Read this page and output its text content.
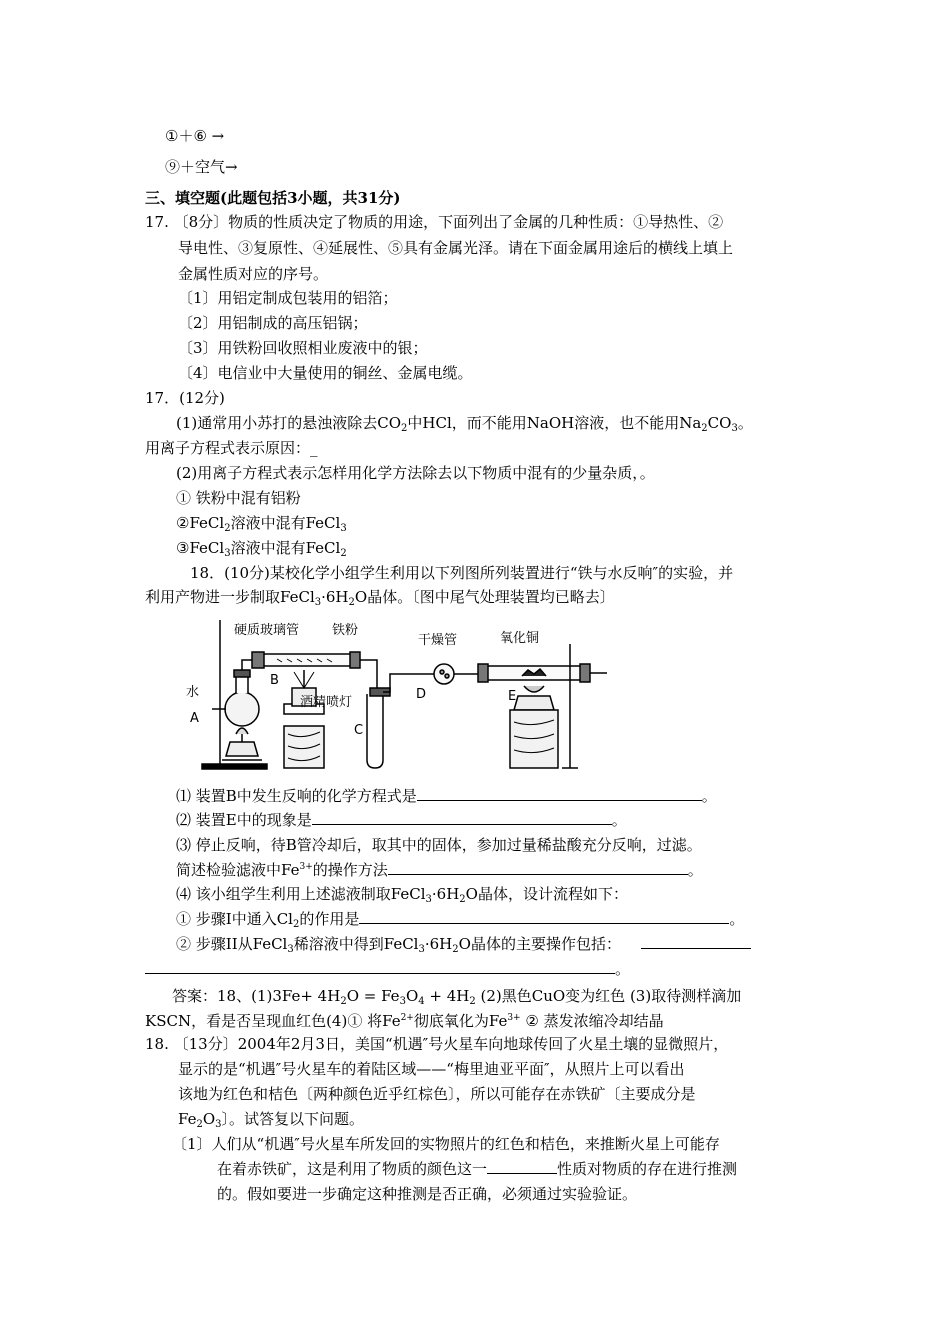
①＋⑥ →
⑨＋空气→
三、填空题(此题包括3小题，共31分)
17. 〔8分〕物质的性质决定了物质的用途，下面列出了金属的几种性质：①导热性、②
导电性、③复原性、④延展性、⑤具有金属光泽。请在下面金属用途后的横线上填上
金属性质对应的序号。
〔1〕用铝定制成包装用的铝箔；
〔2〕用铝制成的高压铝锅；
〔3〕用铁粉回收照相业废液中的银；
〔4〕电信业中大量使用的铜丝、金属电缆。
17．(12分)
(1)通常用小苏打的悬浊液除去$CO_2$中HCl，而不能用NaOH溶液，也不能用$Na_2CO_3$。
用离子方程式表示原因：_
(2)用离子方程式表示怎样用化学方法除去以下物质中混有的少量杂质，。
① 铁粉中混有铝粉
②FeCl$_2$溶液中混有FeCl$_3$
③FeCl$_3$溶液中混有FeCl$_2$
18．(10分)某校化学小组学生利用以下列图所列装置进行“铁与水反响″的实验，并
利用产物进一步制取$FeCl_3\cdot 6H_2O$晶体。〔图中尾气处理装置均已略去〕
硬质玻璃管	铁粉
干燥管	氧化铜
水
A
B
酒精喷灯
C
D	E
⑴ 装置B中发生反响的化学方程式是	。
⑵ 装置E中的现象是	。
⑶ 停止反响，待B管冷却后，取其中的固体，参加过量稀盐酸充分反响，过滤。
简述检验滤液中$Fe^{3+}$的操作方法	。
⑷ 该小组学生利用上述滤液制取$FeCl_3\cdot 6H_2O$晶体，设计流程如下：
① 步骤I中通入$Cl_2$的作用是	。
② 步骤II从FeCl$_3$稀溶液中得到$FeCl_3\cdot 6H_2O$晶体的主要操作包括：
。
答案：18、$(1)3Fe+ 4H_2O = Fe_3O_4 + 4H_2$ (2)黑色CuO变为红色 (3)取待测样滴加
KSCN，看是否呈现血红色(4)① 将$Fe^{2+}$彻底氧化为$Fe^{3+}$ ② 蒸发浓缩冷却结晶
18. 〔13分〕2004年2月3日，美国“机遇″号火星车向地球传回了火星土壤的显微照片，
显示的是“机遇″号火星车的着陆区域——“梅里迪亚平面″，从照片上可以看出
该地为红色和桔色〔两种颜色近乎红棕色〕，所以可能存在赤铁矿〔主要成分是
$Fe_2O_3$〕。试答复以下问题。
〔1〕人们从“机遇″号火星车所发回的实物照片的红色和桔色，来推断火星上可能存
在着赤铁矿，这是利用了物质的颜色这一	性质对物质的存在进行推测
的。假如要进一步确定这种推测是否正确，必须通过实验验证。
